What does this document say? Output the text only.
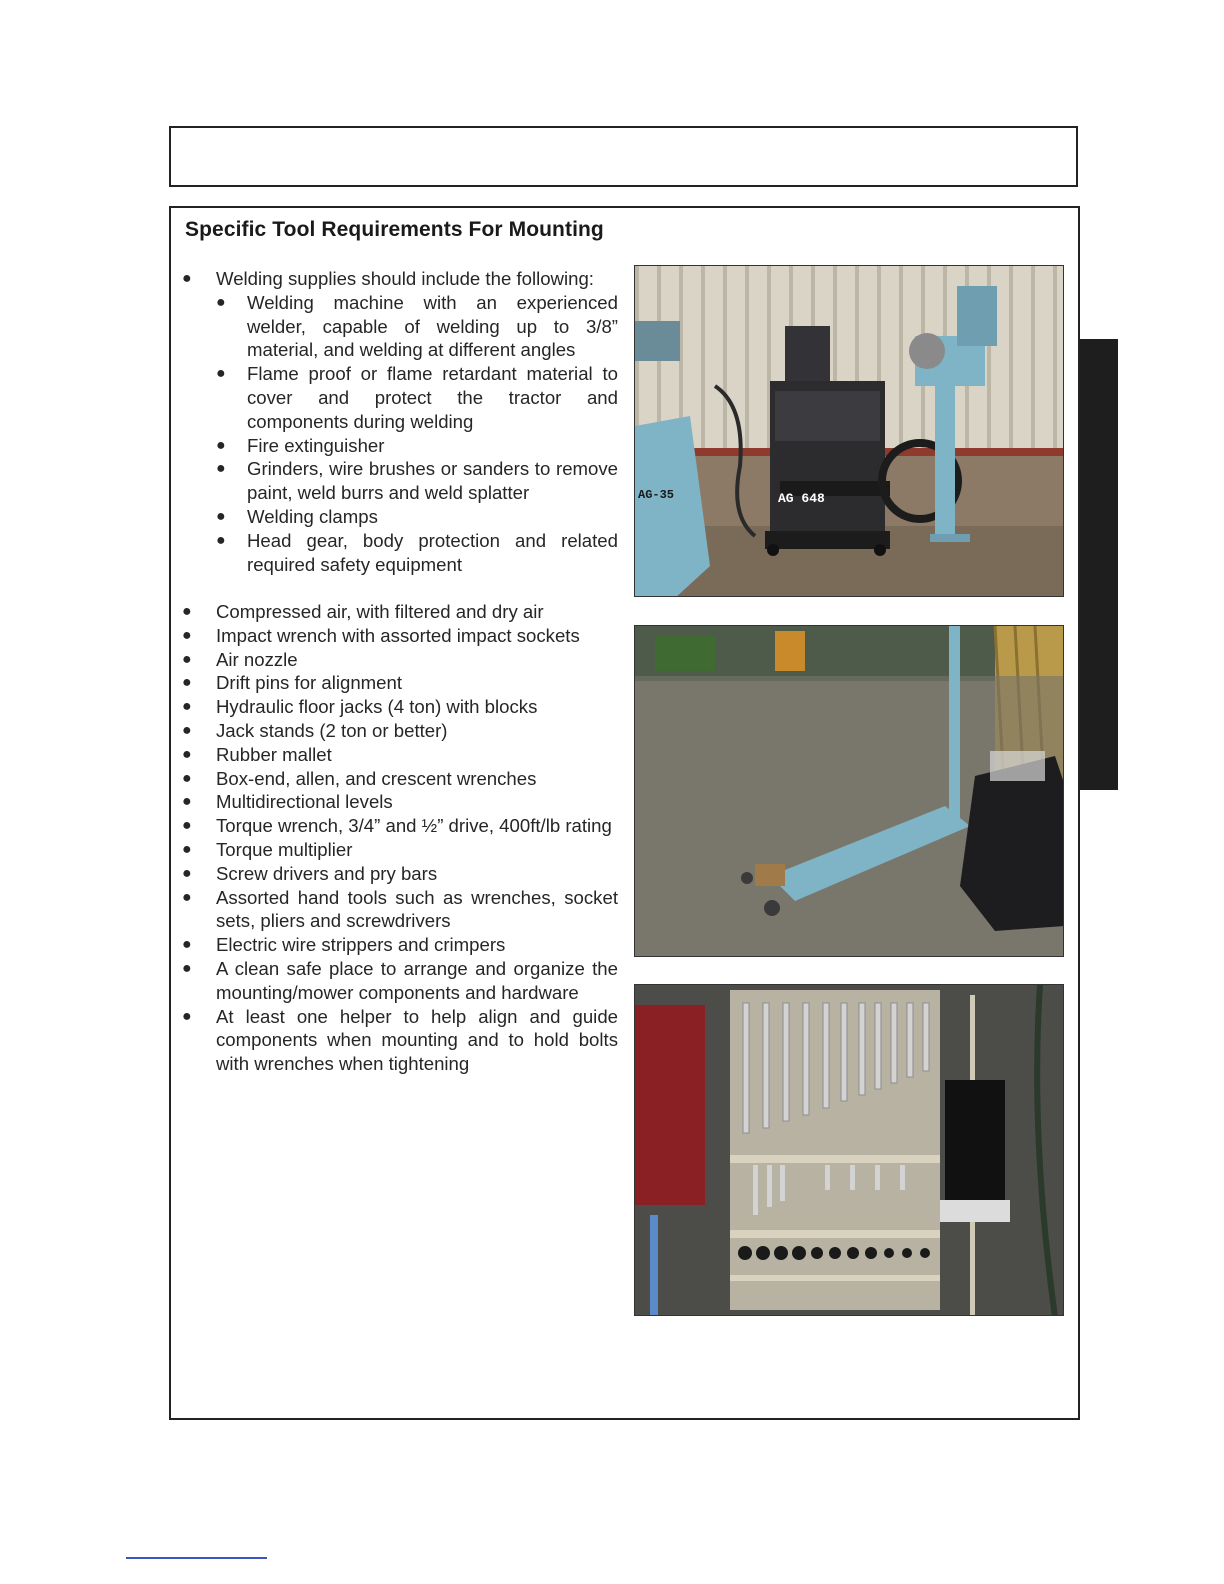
Specific Tool Requirements For Mounting
●	Welding supplies should include the following:
●	Welding machine with an experienced welder, capable of welding up to 3/8” material, and welding at different angles
●	Flame proof or flame retardant material to cover and protect the tractor and components during welding
●	Fire extinguisher
●	Grinders, wire brushes or sanders to remove paint, weld burrs and weld splatter
●	Welding clamps
●	Head gear, body protection and related required safety equipment
●	Compressed air, with filtered and dry air
●	Impact wrench with assorted impact sockets
●	Air nozzle
●	Drift pins for alignment
●	Hydraulic floor jacks (4 ton) with blocks
●	Jack stands (2 ton or better)
●	Rubber mallet
●	Box-end, allen, and crescent wrenches
●	Multidirectional levels
●	Torque wrench, 3/4” and ½” drive, 400ft/lb rating
●	Torque multiplier
●	Screw drivers and pry bars
●	Assorted hand tools such as wrenches, socket sets, pliers and screwdrivers
●	Electric wire strippers and crimpers
●	A clean safe place to arrange and organize the mounting/mower components and hardware
●	At least one helper to help align and guide components when mounting and to hold bolts with wrenches when tightening
AG 648
AG-35
